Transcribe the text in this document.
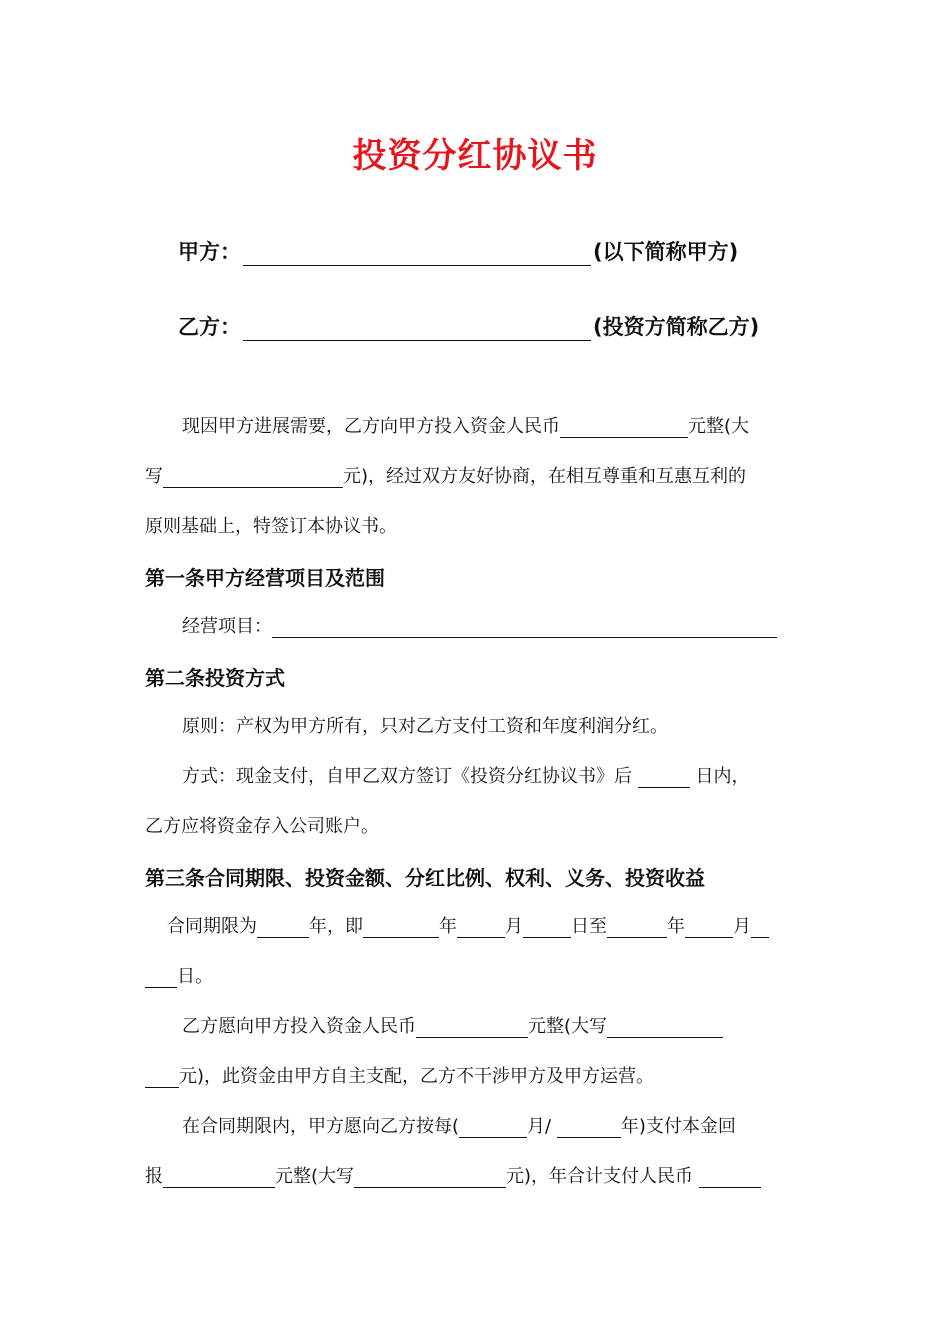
投资分红协议书
甲方：	(以下简称甲方)
乙方：	(投资方简称乙方)
现因甲方进展需要，乙方向甲方投入资金人民币	元整(大
写	元)，经过双方友好协商，在相互尊重和互惠互利的
原则基础上，特签订本协议书。
第一条甲方经营项目及范围
经营项目：
第二条投资方式
原则：产权为甲方所有，只对乙方支付工资和年度利润分红。
方式：现金支付，自甲乙双方签订《投资分红协议书》后	日内，
乙方应将资金存入公司账户。
第三条合同期限、投资金额、分红比例、权利、义务、投资收益
合同期限为	年，即	年	月	日至	年	月
日。
乙方愿向甲方投入资金人民币	元整(大写
元)，此资金由甲方自主支配，乙方不干涉甲方及甲方运营。
在合同期限内，甲方愿向乙方按每(	月/	年)支付本金回
报	元整(大写	元)，年合计支付人民币
